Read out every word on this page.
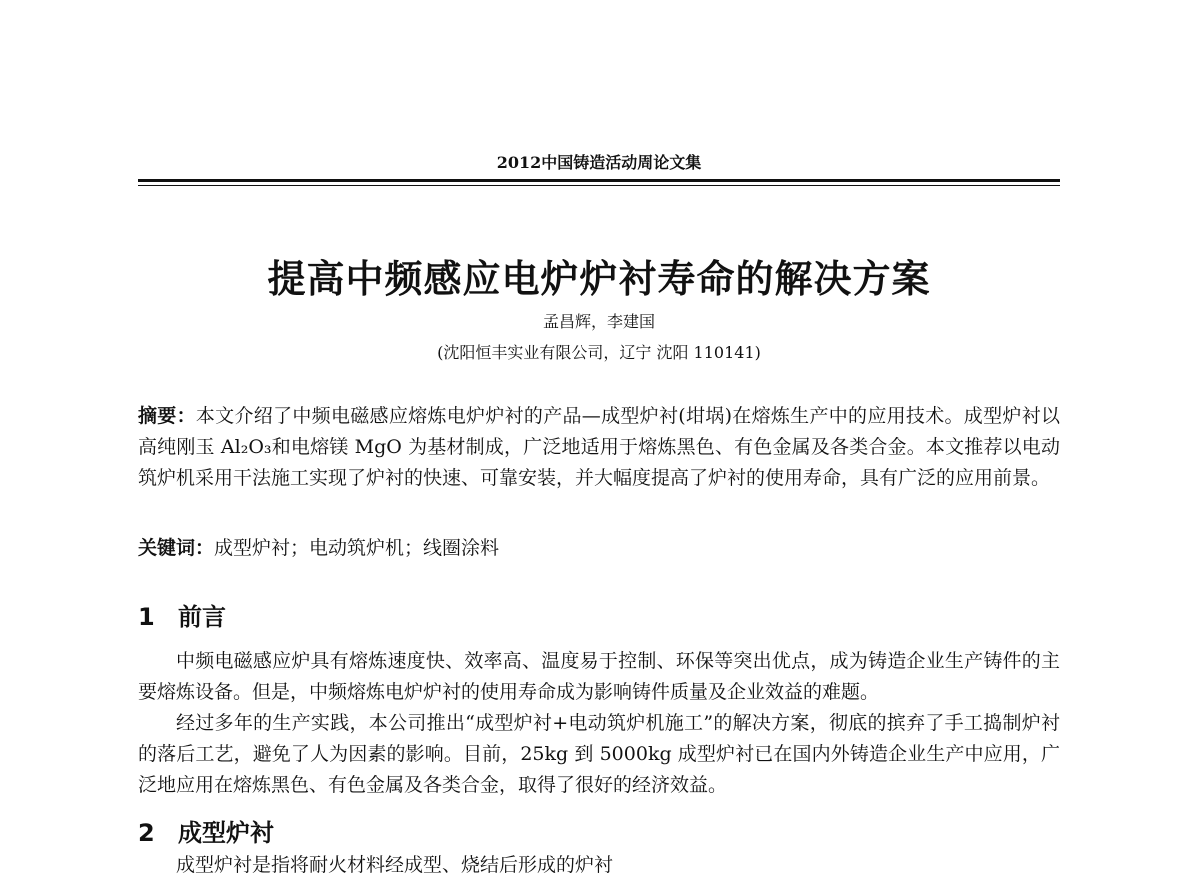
2012中国铸造活动周论文集
提高中频感应电炉炉衬寿命的解决方案
孟昌辉，李建国
(沈阳恒丰实业有限公司，辽宁 沈阳 110141)
摘要：本文介绍了中频电磁感应熔炼电炉炉衬的产品—成型炉衬(坩埚)在熔炼生产中的应用技术。成型炉衬以高纯刚玉 Al₂O₃和电熔镁 MgO 为基材制成，广泛地适用于熔炼黑色、有色金属及各类合金。本文推荐以电动筑炉机采用干法施工实现了炉衬的快速、可靠安装，并大幅度提高了炉衬的使用寿命，具有广泛的应用前景。
关键词：成型炉衬；电动筑炉机；线圈涂料
1 前言
中频电磁感应炉具有熔炼速度快、效率高、温度易于控制、环保等突出优点，成为铸造企业生产铸件的主要熔炼设备。但是，中频熔炼电炉炉衬的使用寿命成为影响铸件质量及企业效益的难题。
经过多年的生产实践，本公司推出“成型炉衬+电动筑炉机施工”的解决方案，彻底的摈弃了手工捣制炉衬的落后工艺，避免了人为因素的影响。目前，25kg 到 5000kg 成型炉衬已在国内外铸造企业生产中应用，广泛地应用在熔炼黑色、有色金属及各类合金，取得了很好的经济效益。
2 成型炉衬
成型炉衬是指将耐火材料经成型、烧结后形成的炉衬
